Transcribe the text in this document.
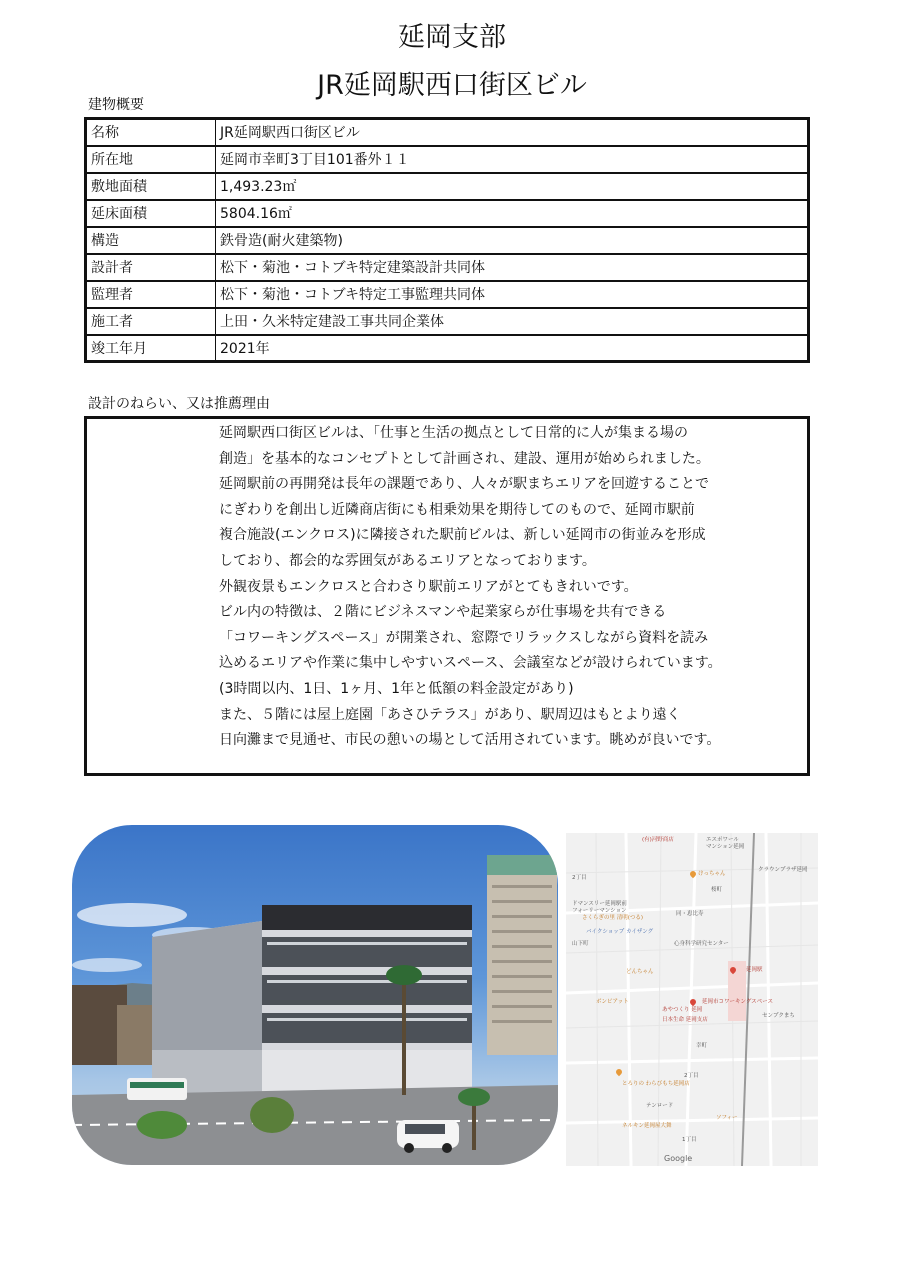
延岡支部
JR延岡駅西口街区ビル
建物概要
名称	JR延岡駅西口街区ビル
所在地	延岡市幸町3丁目101番外１１
敷地面積	1,493.23㎡
延床面積	5804.16㎡
構造	鉄骨造(耐火建築物)
設計者	松下・菊池・コトブキ特定建築設計共同体
監理者	松下・菊池・コトブキ特定工事監理共同体
施工者	上田・久米特定建設工事共同企業体
竣工年月	2021年
設計のねらい、又は推薦理由

延岡駅西口街区ビルは、「仕事と生活の拠点として日常的に人が集まる場の

創造」を基本的なコンセプトとして計画され、建設、運用が始められました。

延岡駅前の再開発は長年の課題であり、人々が駅まちエリアを回遊することで

にぎわりを創出し近隣商店街にも相乗効果を期待してのもので、延岡市駅前

複合施設(エンクロス)に隣接された駅前ビルは、新しい延岡市の街並みを形成

しており、都会的な雰囲気があるエリアとなっております。

外観夜景もエンクロスと合わさり駅前エリアがとてもきれいです。

ビル内の特徴は、２階にビジネスマンや起業家らが仕事場を共有できる

「コワーキングスペース」が開業され、窓際でリラックスしながら資料を読み

込めるエリアや作業に集中しやすいスペース、会議室などが設けられています。

(3時間以内、1日、1ヶ月、1年と低額の料金設定があり)

また、５階には屋上庭園「あさひテラス」があり、駅周辺はもとより遠く

日向灘まで見通せ、市民の憩いの場として活用されています。眺めが良いです。

(有)河野商店	エスポワール
マンション延岡
クラウンプラザ延岡
けっちゃん
2丁目
桜町
ドマンスリー延岡駅前
フォーリーマンション
さくらぎの里 清明(つる)
同・恵比寿
バイクショップ カイザング
山下町	心身科学研究センター
延岡駅
どんちゃん
ボンビアット
あやつくり 延岡
延岡市コワーキングスペース
日本生命 延岡支店
センプクまち
幸町
とろりの わらびもち延岡店
2丁目
テンロード
ネルキン延岡屋大舞
1丁目
ソフィー
Google
